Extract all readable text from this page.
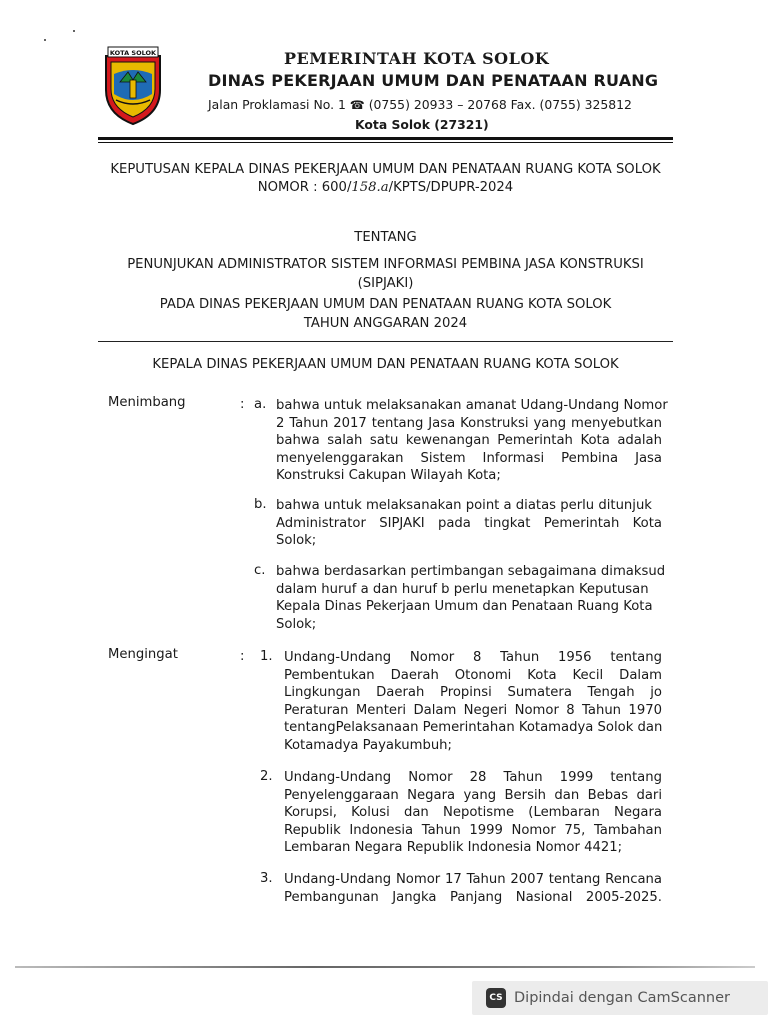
KOTA SOLOK	PEMERINTAH KOTA SOLOK
DINAS PEKERJAAN UMUM DAN PENATAAN RUANG
Jalan Proklamasi No. 1 ☎ (0755) 20933 – 20768 Fax. (0755) 325812
Kota Solok (27321)
KEPUTUSAN KEPALA DINAS PEKERJAAN UMUM DAN PENATAAN RUANG KOTA SOLOK
NOMOR : 600/158.a/KPTS/DPUPR-2024
TENTANG
PENUNJUKAN ADMINISTRATOR SISTEM INFORMASI PEMBINA JASA KONSTRUKSI
(SIPJAKI)
PADA DINAS PEKERJAAN UMUM DAN PENATAAN RUANG KOTA SOLOK
TAHUN ANGGARAN 2024
KEPALA DINAS PEKERJAAN UMUM DAN PENATAAN RUANG KOTA SOLOK
Menimbang	: a. bahwa untuk melaksanakan amanat Udang-Undang Nomor
2 Tahun 2017 tentang Jasa Konstruksi yang menyebutkan
bahwa salah satu kewenangan Pemerintah Kota adalah
menyelenggarakan Sistem Informasi Pembina Jasa
Konstruksi Cakupan Wilayah Kota;
b. bahwa untuk melaksanakan point a diatas perlu ditunjuk
Administrator SIPJAKI pada tingkat Pemerintah Kota
Solok;
c. bahwa berdasarkan pertimbangan sebagaimana dimaksud
dalam huruf a dan huruf b perlu menetapkan Keputusan
Kepala Dinas Pekerjaan Umum dan Penataan Ruang Kota
Solok;
Mengingat	: 1. Undang-Undang Nomor 8 Tahun 1956 tentang
Pembentukan Daerah Otonomi Kota Kecil Dalam
Lingkungan Daerah Propinsi Sumatera Tengah jo
Peraturan Menteri Dalam Negeri Nomor 8 Tahun 1970
tentangPelaksanaan Pemerintahan Kotamadya Solok dan
Kotamadya Payakumbuh;
2. Undang-Undang Nomor 28 Tahun 1999 tentang
Penyelenggaraan Negara yang Bersih dan Bebas dari
Korupsi, Kolusi dan Nepotisme (Lembaran Negara
Republik Indonesia Tahun 1999 Nomor 75, Tambahan
Lembaran Negara Republik Indonesia Nomor 4421;
3. Undang-Undang Nomor 17 Tahun 2007 tentang Rencana
Pembangunan Jangka Panjang Nasional 2005-2025.
CS Dipindai dengan CamScanner
